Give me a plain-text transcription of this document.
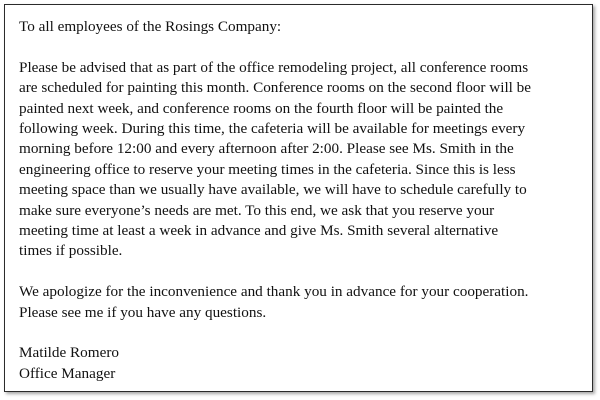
To all employees of the Rosings Company:

Please be advised that as part of the office remodeling project, all conference rooms

are scheduled for painting this month. Conference rooms on the second floor will be

painted next week, and conference rooms on the fourth floor will be painted the

following week. During this time, the cafeteria will be available for meetings every

morning before 12:00 and every afternoon after 2:00. Please see Ms. Smith in the

engineering office to reserve your meeting times in the cafeteria. Since this is less

meeting space than we usually have available, we will have to schedule carefully to

make sure everyone’s needs are met. To this end, we ask that you reserve your

meeting time at least a week in advance and give Ms. Smith several alternative

times if possible.

We apologize for the inconvenience and thank you in advance for your cooperation.

Please see me if you have any questions.

Matilde Romero

Office Manager
